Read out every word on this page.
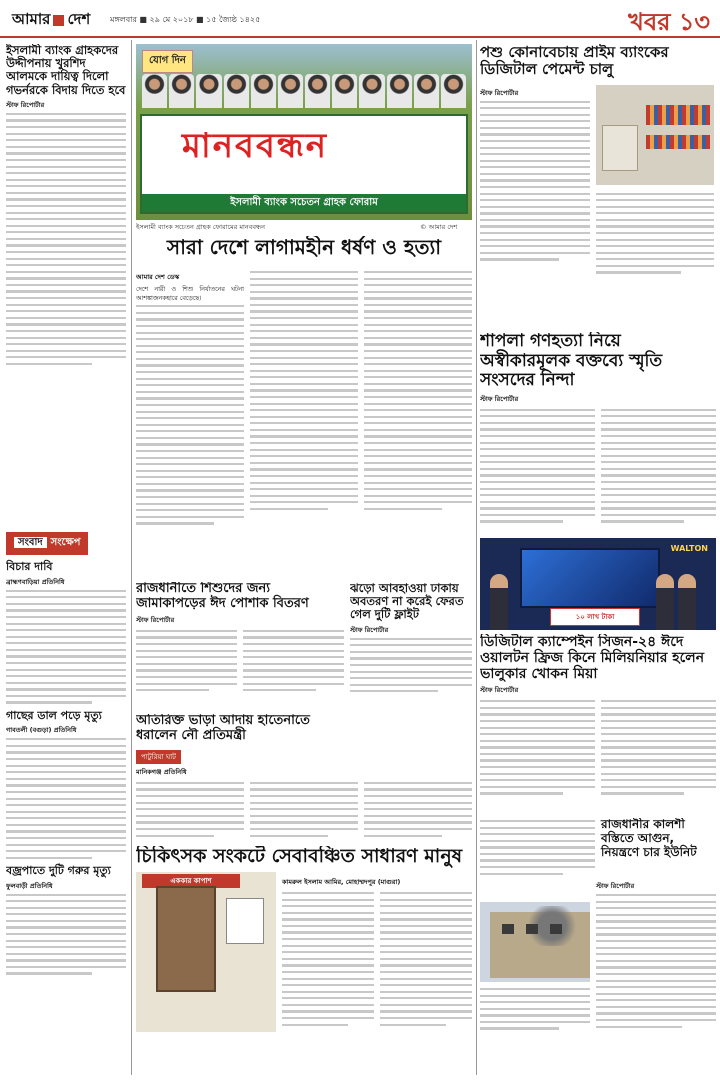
আমার দেশ মঙ্গলবার ■ ২৯ মে ২০১৮ ■ ১৫ জ্যৈষ্ঠ ১৪২৫	খবর ১৩
ইসলামী ব্যাংক গ্রাহকদের উদ্দীপনায় খুরশিদ আলমকে দায়িত্ব দিলো গভর্নরকে বিদায় দিতে হবে
স্টাফ রিপোর্টার
যোগ দিন
মানববন্ধন
ইসলামী ব্যাংক সচেতন গ্রাহক ফোরাম
ইসলামী ব্যাংক সচেতন গ্রাহক ফোরামের মানববন্ধন	© আমার দেশ
পশু কোনাবেচায় প্রাইম ব্যাংকের ডিজিটাল পেমেন্ট চালু
স্টাফ রিপোর্টার
সারা দেশে লাগামহীন ধর্ষণ ও হত্যা
আমার দেশ ডেস্ক
দেশে নারী ও শিশু নির্যাতনের ঘটনা আশঙ্কাজনকহারে বেড়েছে।
শাপলা গণহত্যা নিয়ে অস্বীকারমূলক বক্তব্যে স্মৃতি সংসদের নিন্দা
স্টাফ রিপোর্টার
সংবাদ সংক্ষেপ
বিচার দাবি
ব্রাহ্মণবাড়িয়া প্রতিনিধি
গাছের ডাল পড়ে মৃত্যু
গাবতলী (বগুড়া) প্রতিনিধি
বজ্রপাতে দুটি গরুর মৃত্যু
ফুলবাড়ী প্রতিনিধি
রাজধানীতে শিশুদের জন্য জামাকাপড়ের ঈদ পোশাক বিতরণ
স্টাফ রিপোর্টার
ঝড়ো আবহাওয়া ঢাকায় অবতরণ না করেই ফেরত গেল দুটি ফ্লাইট
স্টাফ রিপোর্টার
WALTON
১০ লাখ টাকা
ডিজিটাল ক্যাম্পেইন সিজন-২৪ ঈদে ওয়ালটন ফ্রিজ কিনে মিলিয়নিয়ার হলেন ভালুকার খোকন মিয়া
স্টাফ রিপোর্টার
অতিরিক্ত ভাড়া আদায় হাতেনাতে ধরালেন নৌ প্রতিমন্ত্রী
পাটুরিয়া ঘাট
মানিকগঞ্জ প্রতিনিধি
চিকিৎসক সংকটে সেবাবঞ্চিত সাধারণ মানুষ
এককার কাপাশ	কামরুল ইসলাম আমির, মোহাম্মদপুর (মাগুরা)
রাজধানীর কালশী বস্তিতে আগুন, নিয়ন্ত্রণে চার ইউনিট
স্টাফ রিপোর্টার
